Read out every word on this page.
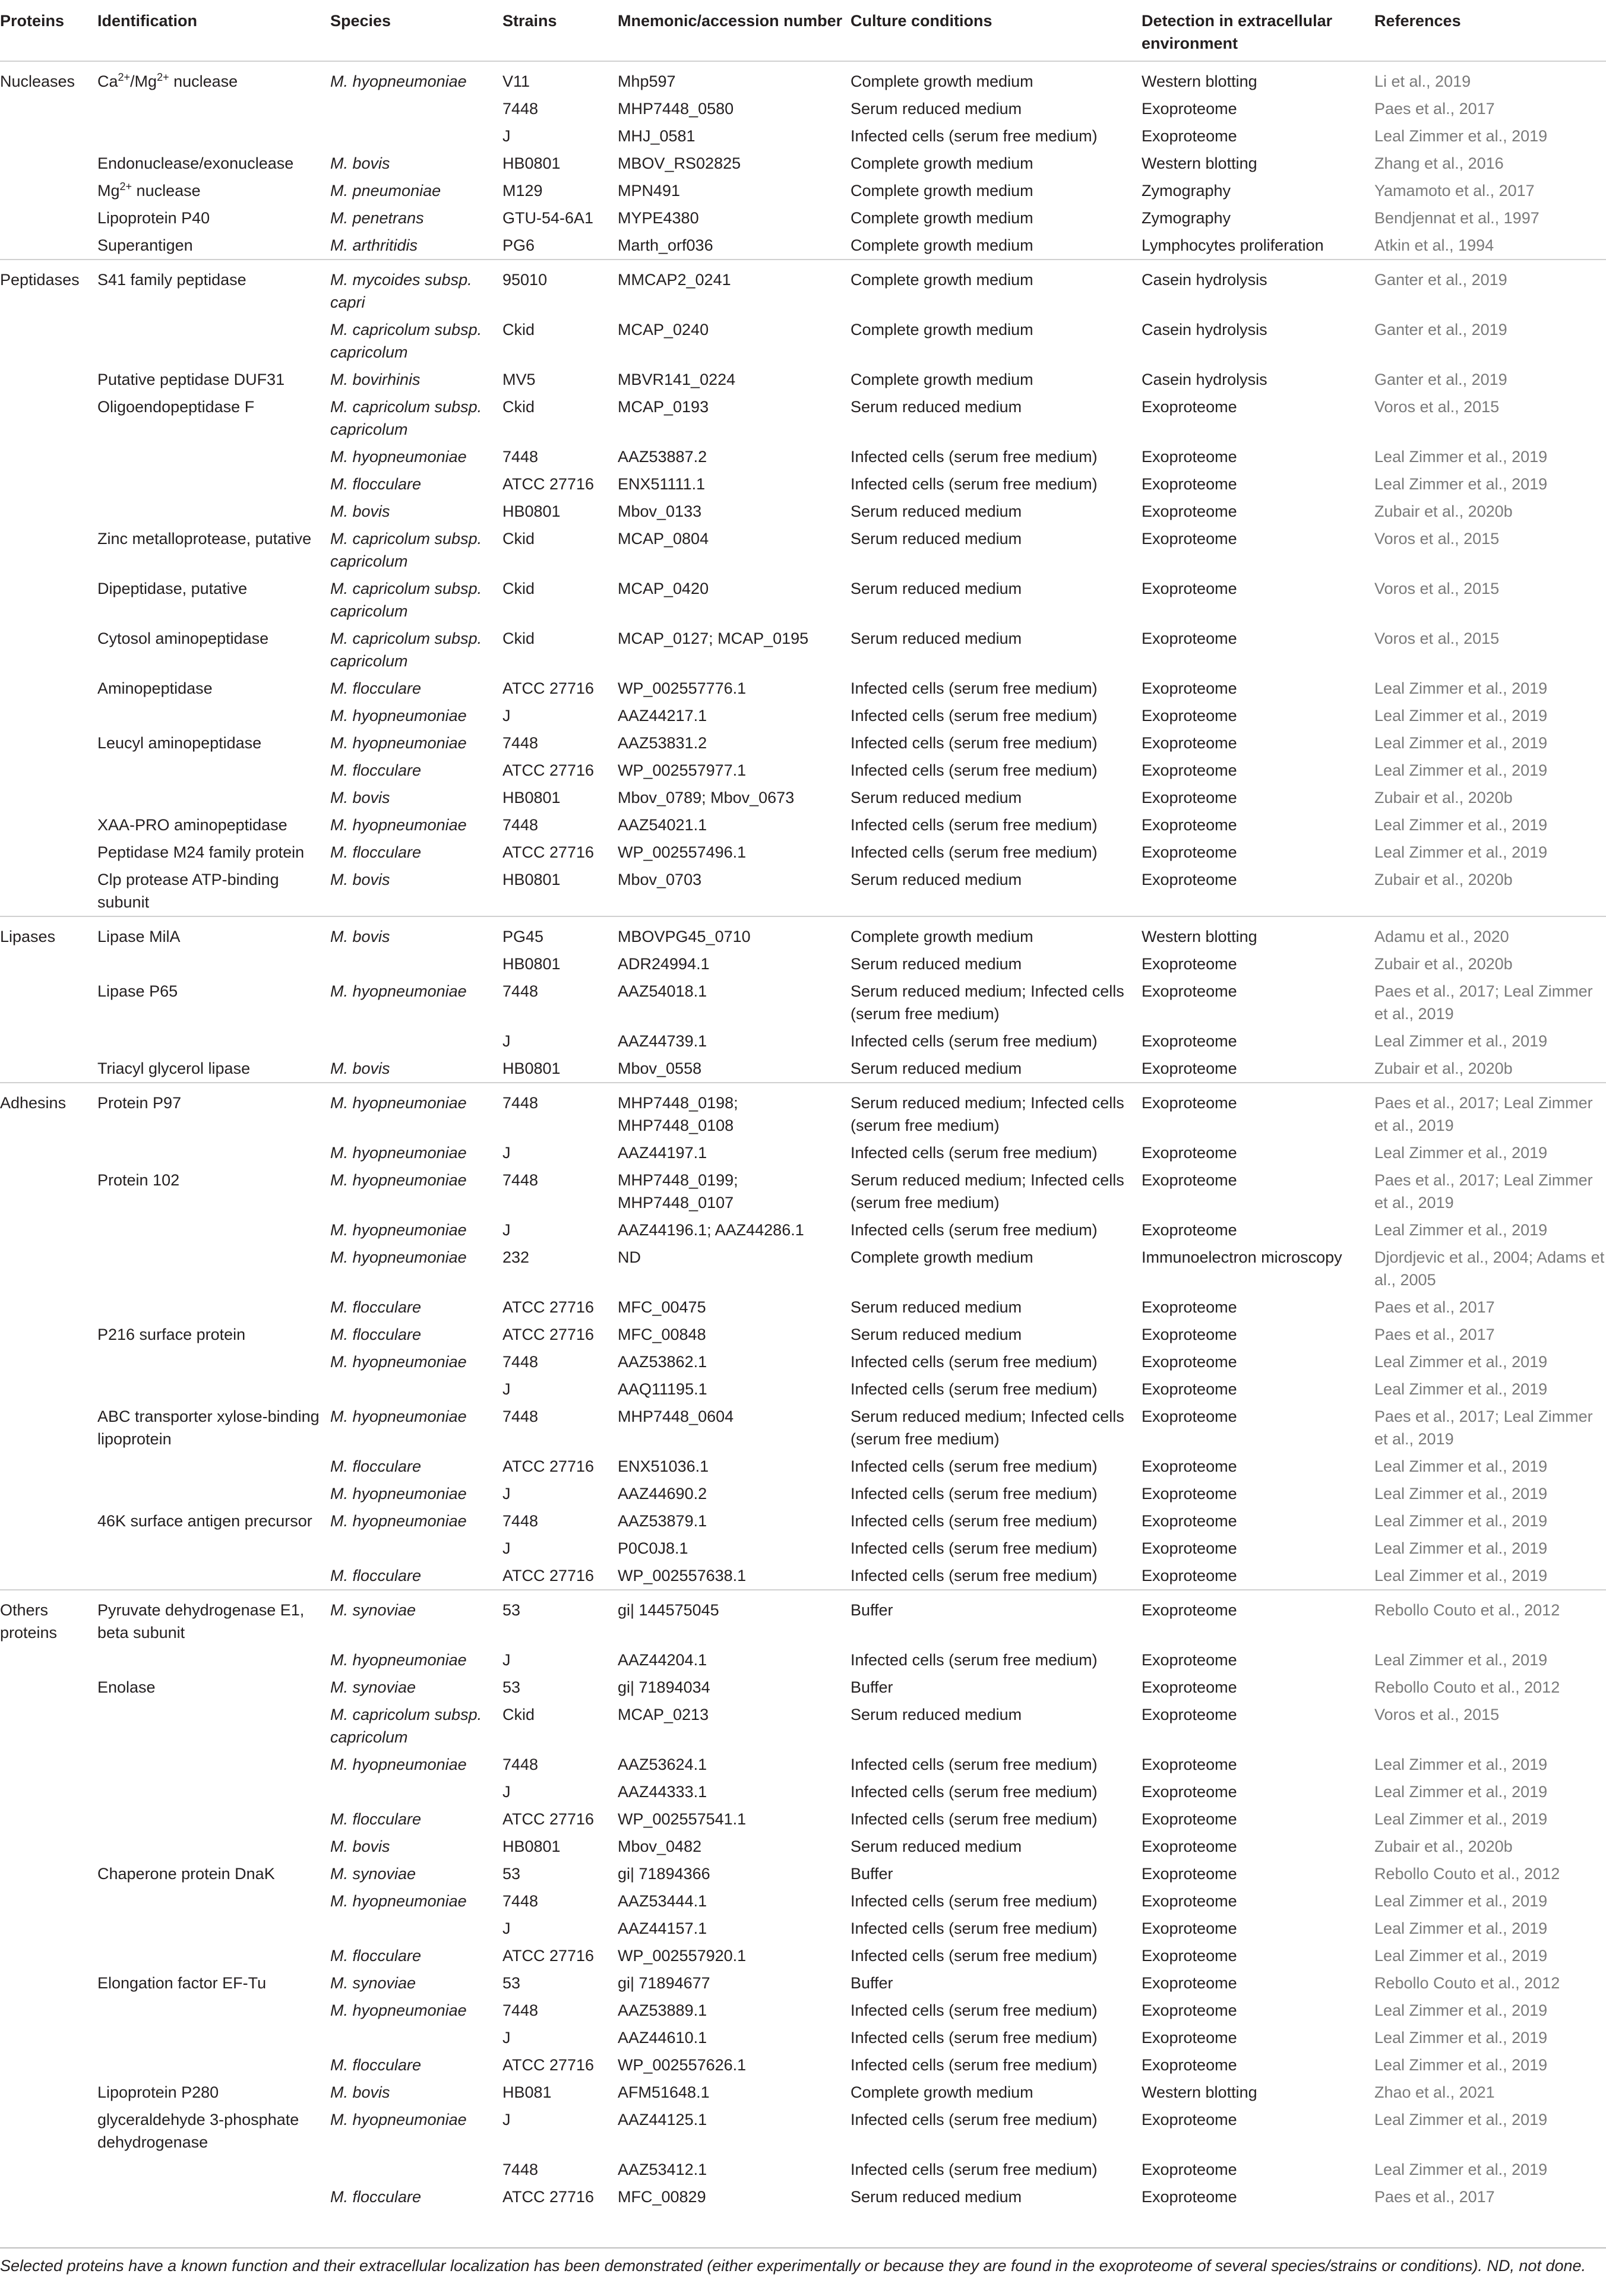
Proteins	Identification	Species	Strains	Mnemonic/accession number	Culture conditions	Detection in extracellular environment	References
Nucleases	$Ca^{2+}/Mg^{2+}$ nuclease	M. hyopneumoniae	V11	Mhp597	Complete growth medium	Western blotting	Li et al., 2019
			7448	MHP7448_0580	Serum reduced medium	Exoproteome	Paes et al., 2017
			J	MHJ_0581	Infected cells (serum free medium)	Exoproteome	Leal Zimmer et al., 2019
	Endonuclease/exonuclease	M. bovis	HB0801	MBOV_RS02825	Complete growth medium	Western blotting	Zhang et al., 2016
	$Mg^{2+}$ nuclease	M. pneumoniae	M129	MPN491	Complete growth medium	Zymography	Yamamoto et al., 2017
	Lipoprotein P40	M. penetrans	GTU-54-6A1	MYPE4380	Complete growth medium	Zymography	Bendjennat et al., 1997
	Superantigen	M. arthritidis	PG6	Marth_orf036	Complete growth medium	Lymphocytes proliferation	Atkin et al., 1994
Peptidases	S41 family peptidase	M. mycoides subsp. capri	95010	MMCAP2_0241	Complete growth medium	Casein hydrolysis	Ganter et al., 2019
		M. capricolum subsp. capricolum	Ckid	MCAP_0240	Complete growth medium	Casein hydrolysis	Ganter et al., 2019
	Putative peptidase DUF31	M. bovirhinis	MV5	MBVR141_0224	Complete growth medium	Casein hydrolysis	Ganter et al., 2019
	Oligoendopeptidase F	M. capricolum subsp. capricolum	Ckid	MCAP_0193	Serum reduced medium	Exoproteome	Voros et al., 2015
		M. hyopneumoniae	7448	AAZ53887.2	Infected cells (serum free medium)	Exoproteome	Leal Zimmer et al., 2019
		M. flocculare	ATCC 27716	ENX51111.1	Infected cells (serum free medium)	Exoproteome	Leal Zimmer et al., 2019
		M. bovis	HB0801	Mbov_0133	Serum reduced medium	Exoproteome	Zubair et al., 2020b
	Zinc metalloprotease, putative	M. capricolum subsp. capricolum	Ckid	MCAP_0804	Serum reduced medium	Exoproteome	Voros et al., 2015
	Dipeptidase, putative	M. capricolum subsp. capricolum	Ckid	MCAP_0420	Serum reduced medium	Exoproteome	Voros et al., 2015
	Cytosol aminopeptidase	M. capricolum subsp. capricolum	Ckid	MCAP_0127; MCAP_0195	Serum reduced medium	Exoproteome	Voros et al., 2015
	Aminopeptidase	M. flocculare	ATCC 27716	WP_002557776.1	Infected cells (serum free medium)	Exoproteome	Leal Zimmer et al., 2019
		M. hyopneumoniae	J	AAZ44217.1	Infected cells (serum free medium)	Exoproteome	Leal Zimmer et al., 2019
	Leucyl aminopeptidase	M. hyopneumoniae	7448	AAZ53831.2	Infected cells (serum free medium)	Exoproteome	Leal Zimmer et al., 2019
		M. flocculare	ATCC 27716	WP_002557977.1	Infected cells (serum free medium)	Exoproteome	Leal Zimmer et al., 2019
		M. bovis	HB0801	Mbov_0789; Mbov_0673	Serum reduced medium	Exoproteome	Zubair et al., 2020b
	XAA-PRO aminopeptidase	M. hyopneumoniae	7448	AAZ54021.1	Infected cells (serum free medium)	Exoproteome	Leal Zimmer et al., 2019
	Peptidase M24 family protein	M. flocculare	ATCC 27716	WP_002557496.1	Infected cells (serum free medium)	Exoproteome	Leal Zimmer et al., 2019
	Clp protease ATP-binding subunit	M. bovis	HB0801	Mbov_0703	Serum reduced medium	Exoproteome	Zubair et al., 2020b
Lipases	Lipase MilA	M. bovis	PG45	MBOVPG45_0710	Complete growth medium	Western blotting	Adamu et al., 2020
			HB0801	ADR24994.1	Serum reduced medium	Exoproteome	Zubair et al., 2020b
	Lipase P65	M. hyopneumoniae	7448	AAZ54018.1	Serum reduced medium; Infected cells (serum free medium)	Exoproteome	Paes et al., 2017; Leal Zimmer et al., 2019
			J	AAZ44739.1	Infected cells (serum free medium)	Exoproteome	Leal Zimmer et al., 2019
	Triacyl glycerol lipase	M. bovis	HB0801	Mbov_0558	Serum reduced medium	Exoproteome	Zubair et al., 2020b
Adhesins	Protein P97	M. hyopneumoniae	7448	MHP7448_0198; MHP7448_0108	Serum reduced medium; Infected cells (serum free medium)	Exoproteome	Paes et al., 2017; Leal Zimmer et al., 2019
		M. hyopneumoniae	J	AAZ44197.1	Infected cells (serum free medium)	Exoproteome	Leal Zimmer et al., 2019
	Protein 102	M. hyopneumoniae	7448	MHP7448_0199; MHP7448_0107	Serum reduced medium; Infected cells (serum free medium)	Exoproteome	Paes et al., 2017; Leal Zimmer et al., 2019
		M. hyopneumoniae	J	AAZ44196.1; AAZ44286.1	Infected cells (serum free medium)	Exoproteome	Leal Zimmer et al., 2019
		M. hyopneumoniae	232	ND	Complete growth medium	Immunoelectron microscopy	Djordjevic et al., 2004; Adams et al., 2005
		M. flocculare	ATCC 27716	MFC_00475	Serum reduced medium	Exoproteome	Paes et al., 2017
	P216 surface protein	M. flocculare	ATCC 27716	MFC_00848	Serum reduced medium	Exoproteome	Paes et al., 2017
		M. hyopneumoniae	7448	AAZ53862.1	Infected cells (serum free medium)	Exoproteome	Leal Zimmer et al., 2019
			J	AAQ11195.1	Infected cells (serum free medium)	Exoproteome	Leal Zimmer et al., 2019
	ABC transporter xylose-binding lipoprotein	M. hyopneumoniae	7448	MHP7448_0604	Serum reduced medium; Infected cells (serum free medium)	Exoproteome	Paes et al., 2017; Leal Zimmer et al., 2019
		M. flocculare	ATCC 27716	ENX51036.1	Infected cells (serum free medium)	Exoproteome	Leal Zimmer et al., 2019
		M. hyopneumoniae	J	AAZ44690.2	Infected cells (serum free medium)	Exoproteome	Leal Zimmer et al., 2019
	46K surface antigen precursor	M. hyopneumoniae	7448	AAZ53879.1	Infected cells (serum free medium)	Exoproteome	Leal Zimmer et al., 2019
			J	P0C0J8.1	Infected cells (serum free medium)	Exoproteome	Leal Zimmer et al., 2019
		M. flocculare	ATCC 27716	WP_002557638.1	Infected cells (serum free medium)	Exoproteome	Leal Zimmer et al., 2019
Others proteins	Pyruvate dehydrogenase E1, beta subunit	M. synoviae	53	gi| 144575045	Buffer	Exoproteome	Rebollo Couto et al., 2012
		M. hyopneumoniae	J	AAZ44204.1	Infected cells (serum free medium)	Exoproteome	Leal Zimmer et al., 2019
	Enolase	M. synoviae	53	gi| 71894034	Buffer	Exoproteome	Rebollo Couto et al., 2012
		M. capricolum subsp. capricolum	Ckid	MCAP_0213	Serum reduced medium	Exoproteome	Voros et al., 2015
		M. hyopneumoniae	7448	AAZ53624.1	Infected cells (serum free medium)	Exoproteome	Leal Zimmer et al., 2019
			J	AAZ44333.1	Infected cells (serum free medium)	Exoproteome	Leal Zimmer et al., 2019
		M. flocculare	ATCC 27716	WP_002557541.1	Infected cells (serum free medium)	Exoproteome	Leal Zimmer et al., 2019
		M. bovis	HB0801	Mbov_0482	Serum reduced medium	Exoproteome	Zubair et al., 2020b
	Chaperone protein DnaK	M. synoviae	53	gi| 71894366	Buffer	Exoproteome	Rebollo Couto et al., 2012
		M. hyopneumoniae	7448	AAZ53444.1	Infected cells (serum free medium)	Exoproteome	Leal Zimmer et al., 2019
			J	AAZ44157.1	Infected cells (serum free medium)	Exoproteome	Leal Zimmer et al., 2019
		M. flocculare	ATCC 27716	WP_002557920.1	Infected cells (serum free medium)	Exoproteome	Leal Zimmer et al., 2019
	Elongation factor EF-Tu	M. synoviae	53	gi| 71894677	Buffer	Exoproteome	Rebollo Couto et al., 2012
		M. hyopneumoniae	7448	AAZ53889.1	Infected cells (serum free medium)	Exoproteome	Leal Zimmer et al., 2019
			J	AAZ44610.1	Infected cells (serum free medium)	Exoproteome	Leal Zimmer et al., 2019
		M. flocculare	ATCC 27716	WP_002557626.1	Infected cells (serum free medium)	Exoproteome	Leal Zimmer et al., 2019
	Lipoprotein P280	M. bovis	HB081	AFM51648.1	Complete growth medium	Western blotting	Zhao et al., 2021
	glyceraldehyde 3-phosphate dehydrogenase	M. hyopneumoniae	J	AAZ44125.1	Infected cells (serum free medium)	Exoproteome	Leal Zimmer et al., 2019
			7448	AAZ53412.1	Infected cells (serum free medium)	Exoproteome	Leal Zimmer et al., 2019
		M. flocculare	ATCC 27716	MFC_00829	Serum reduced medium	Exoproteome	Paes et al., 2017
Selected proteins have a known function and their extracellular localization has been demonstrated (either experimentally or because they are found in the exoproteome of several species/strains or conditions). ND, not done.
